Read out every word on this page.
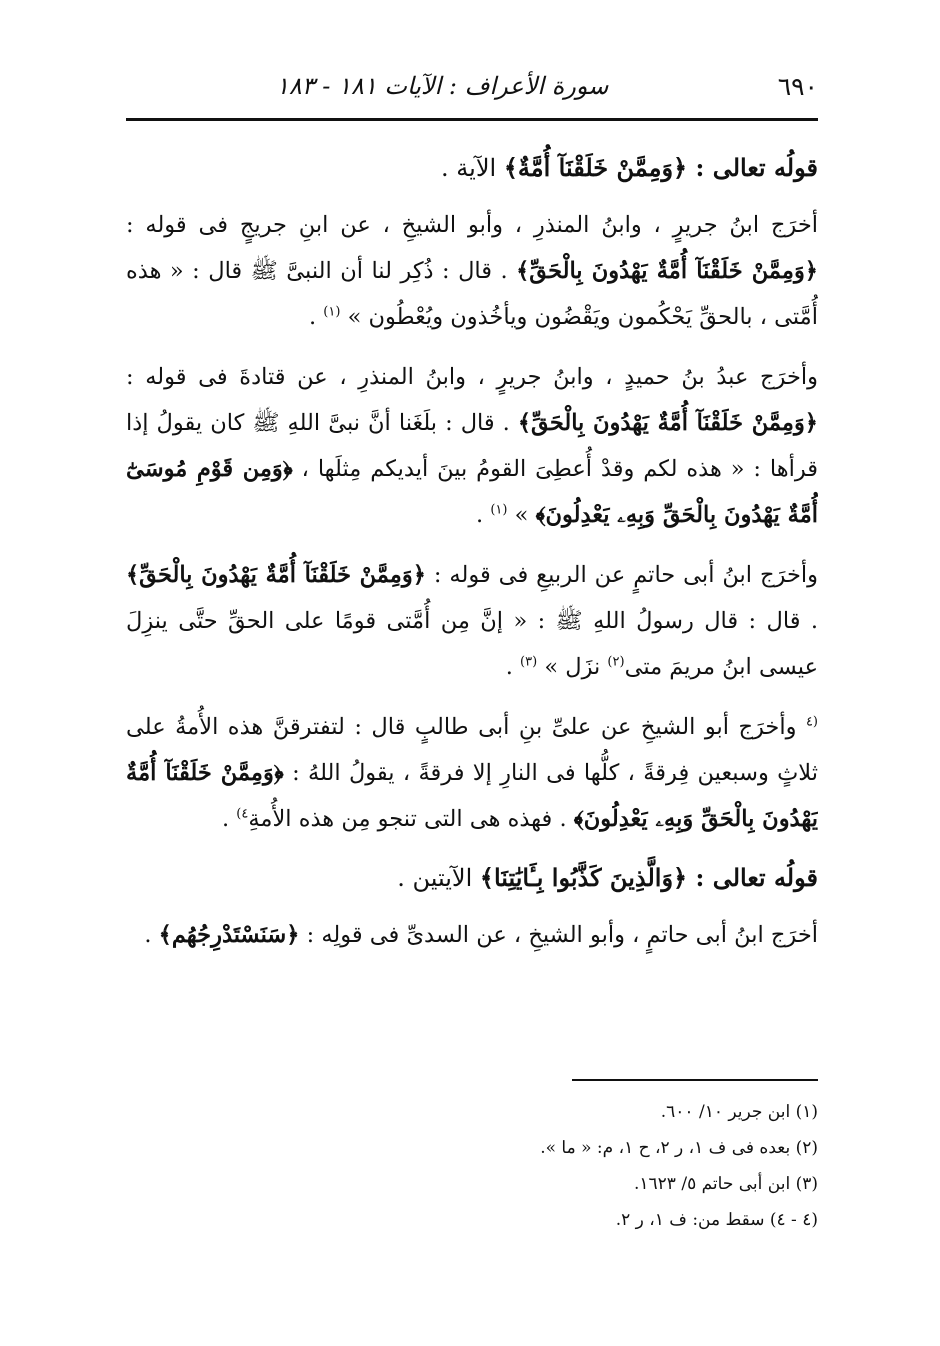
٦٩٠
سورة الأعراف : الآيات ١٨١ - ١٨٣
قولُه تعالى : ﴿وَمِمَّنْ خَلَقْنَآ أُمَّةٌ﴾ الآية .

أخرَج ابنُ جريرٍ ، وابنُ المنذرِ ، وأبو الشيخِ ، عن ابنِ جريجٍ فى قوله : ﴿وَمِمَّنْ خَلَقْنَآ أُمَّةٌ يَهْدُونَ بِالْحَقِّ﴾ . قال : ذُكِر لنا أن النبىَّ ﷺ قال : « هذه أُمَّتى ، بالحقِّ يَحْكُمون ويَقْضُون ويأخُذون ويُعْطُون » $^{(١)}$ .

وأخرَج عبدُ بنُ حميدٍ ، وابنُ جريرٍ ، وابنُ المنذرِ ، عن قتادةَ فى قوله : ﴿وَمِمَّنْ خَلَقْنَآ أُمَّةٌ يَهْدُونَ بِالْحَقِّ﴾ . قال : بلَغَنا أنَّ نبىَّ اللهِ ﷺ كان يقولُ إذا قرأها : « هذه لكم وقدْ أُعطِىَ القومُ بينَ أيديكم مِثلَها ، ﴿وَمِن قَوْمِ مُوسَىٰٓ أُمَّةٌ يَهْدُونَ بِالْحَقِّ وَبِهِۦ يَعْدِلُونَ﴾ » $^{(١)}$ .

وأخرَج ابنُ أبى حاتمٍ عن الربيعِ فى قوله : ﴿وَمِمَّنْ خَلَقْنَآ أُمَّةٌ يَهْدُونَ بِالْحَقِّ﴾ . قال : قال رسولُ اللهِ ﷺ : « إنَّ مِن أُمَّتى قومًا على الحقِّ حتَّى ينزِلَ عيسى ابنُ مريمَ متى$^{(٢)}$ نزَل » $^{(٣)}$ .

$^{(٤}$ وأخرَج أبو الشيخِ عن علىِّ بنِ أبى طالبٍ قال : لتفترقنَّ هذه الأُمةُ على ثلاثٍ وسبعين فِرقةً ، كلُّها فى النارِ إلا فرقةً ، يقولُ اللهُ : ﴿وَمِمَّنْ خَلَقْنَآ أُمَّةٌ يَهْدُونَ بِالْحَقِّ وَبِهِۦ يَعْدِلُونَ﴾ . فهذه هى التى تنجو مِن هذه الأُمةِ$^{٤)}$ .

قولُه تعالى : ﴿وَالَّذِينَ كَذَّبُوا بِـَٔايَٰتِنَا﴾ الآيتين .

أخرَج ابنُ أبى حاتمٍ ، وأبو الشيخِ ، عن السدىِّ فى قولِه : ﴿سَنَسْتَدْرِجُهُم﴾ .

(١) ابن جرير ١٠/ ٦٠٠.
(٢) بعده فى ف ١، ر ٢، ح ١، م: « ما ».
(٣) ابن أبى حاتم ٥/ ١٦٢٣.
(٤ - ٤) سقط من: ف ١، ر ٢.
